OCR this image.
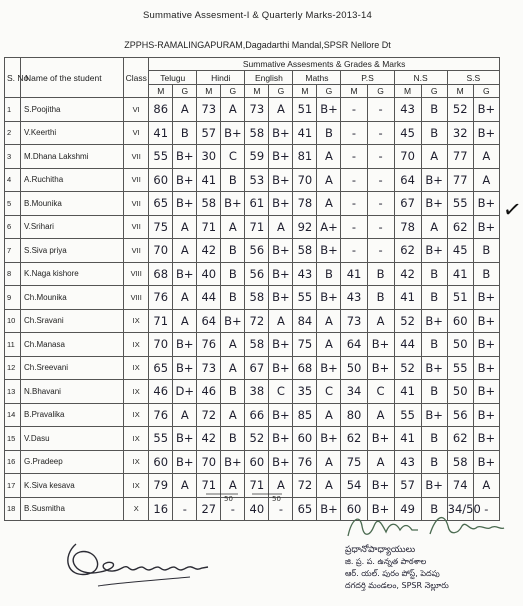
Summative Assesment-I & Quarterly Marks-2013-14
ZPPHS-RAMALINGAPURAM,Dagadarthi Mandal,SPSR Nellore Dt
S. No	Name of the student	Class	Summative Assesments & Grades & Marks													
			Telugu		Hindi		English		Maths		P.S		N.S		S.S	
			M	G	M	G	M	G	M	G	M	G	M	G	M	G
1	S.Poojitha	VI	86	A	73	A	73	A	51	B+	-	-	43	B	52	B+
2	V.Keerthi	VI	41	B	57	B+	58	B+	41	B	-	-	45	B	32	B+
3	M.Dhana Lakshmi	VII	55	B+	30	C	59	B+	81	A	-	-	70	A	77	A
4	A.Ruchitha	VII	60	B+	41	B	53	B+	70	A	-	-	64	B+	77	A
5	B.Mounika	VII	65	B+	58	B+	61	B+	78	A	-	-	67	B+	55	B+
6	V.Srihari	VII	75	A	71	A	71	A	92	A+	-	-	78	A	62	B+
7	S.Siva priya	VII	70	A	42	B	56	B+	58	B+	-	-	62	B+	45	B
8	K.Naga kishore	VIII	68	B+	40	B	56	B+	43	B	41	B	42	B	41	B
9	Ch.Mounika	VIII	76	A	44	B	58	B+	55	B+	43	B	41	B	51	B+
10	Ch.Sravani	IX	71	A	64	B+	72	A	84	A	73	A	52	B+	60	B+
11	Ch.Manasa	IX	70	B+	76	A	58	B+	75	A	64	B+	44	B	50	B+
12	Ch.Sreevani	IX	65	B+	73	A	67	B+	68	B+	50	B+	52	B+	55	B+
13	N.Bhavani	IX	46	D+	46	B	38	C	35	C	34	C	41	B	50	B+
14	B.Pravalika	IX	76	A	72	A	66	B+	85	A	80	A	55	B+	56	B+
15	V.Dasu	IX	55	B+	42	B	52	B+	60	B+	62	B+	41	B	62	B+
16	G.Pradeep	IX	60	B+	70	B+	60	B+	76	A	75	A	43	B	58	B+
17	K.Siva kesava	IX	79	A	71	A	71	A	72	A	54	B+	57	B+	74	A
18	B.Susmitha	X	16	-	27	-	40	-	65	B+	60	B+	49	B	34/50	-
50	50
✓
ప్రధానోపాధ్యాయులు
జి. ప్ర. ప. ఉన్నత పాఠశాల
ఆర్. యల్. పురం పోస్ట్, పెదపు
దగదర్తి మండలం, SPSR నెల్లూరు
